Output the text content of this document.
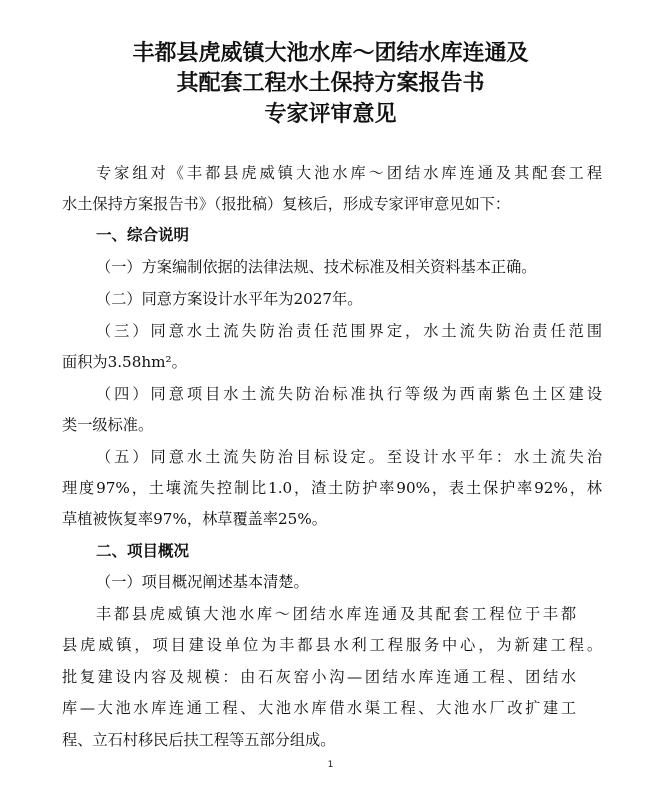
丰都县虎威镇大池水库～团结水库连通及

其配套工程水土保持方案报告书

专家评审意见

专家组对《丰都县虎威镇大池水库～团结水库连通及其配套工程

水土保持方案报告书》（报批稿）复核后，形成专家评审意见如下：

一、综合说明

（一）方案编制依据的法律法规、技术标准及相关资料基本正确。

（二）同意方案设计水平年为2027年。

（三）同意水土流失防治责任范围界定，水土流失防治责任范围

面积为3.58hm²。

（四）同意项目水土流失防治标准执行等级为西南紫色土区建设

类一级标准。

（五）同意水土流失防治目标设定。至设计水平年：水土流失治

理度97%，土壤流失控制比1.0，渣土防护率90%，表土保护率92%，林

草植被恢复率97%，林草覆盖率25%。

二、项目概况

（一）项目概况阐述基本清楚。

丰都县虎威镇大池水库～团结水库连通及其配套工程位于丰都

县虎威镇，项目建设单位为丰都县水利工程服务中心，为新建工程。

批复建设内容及规模：由石灰窑小沟—团结水库连通工程、团结水

库—大池水库连通工程、大池水库借水渠工程、大池水厂改扩建工

程、立石村移民后扶工程等五部分组成。

1
